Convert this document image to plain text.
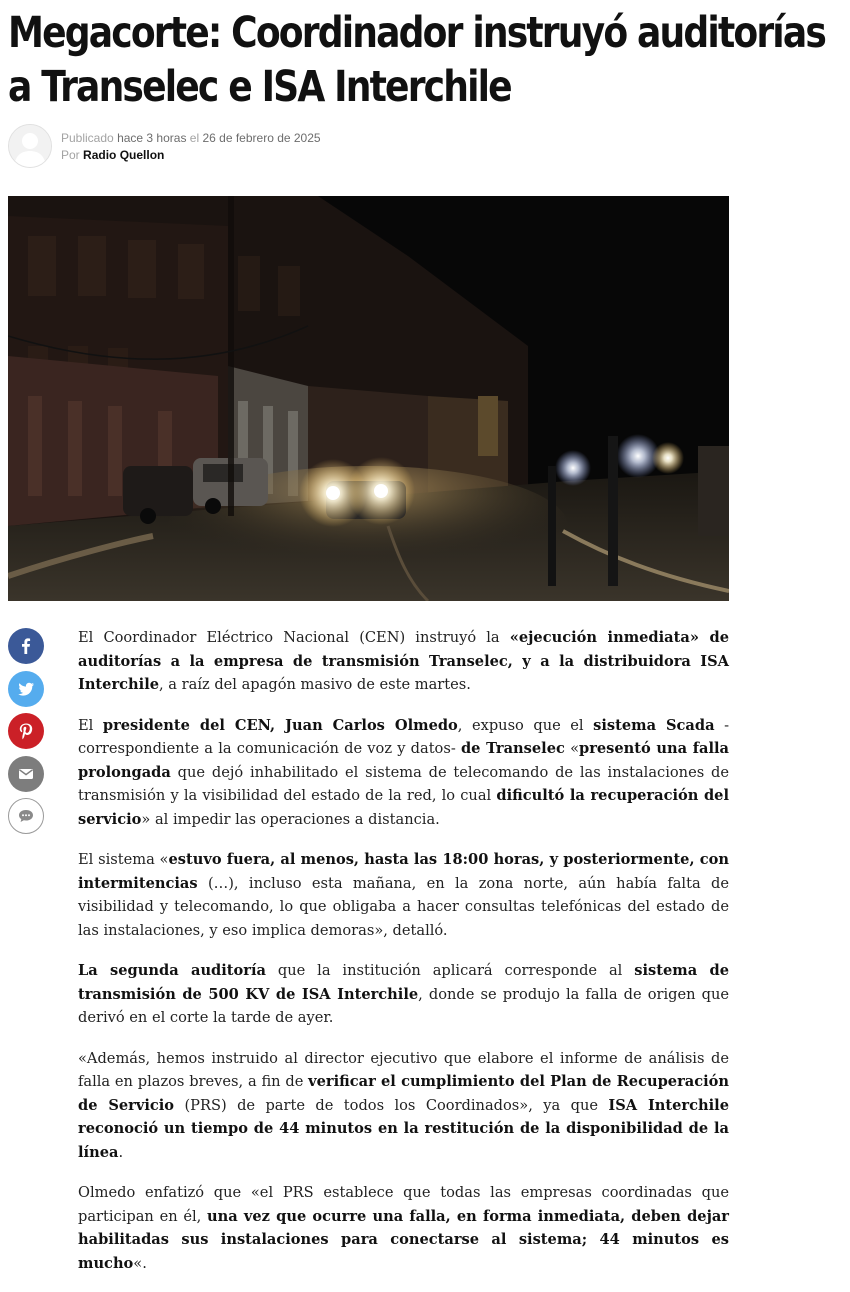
Megacorte: Coordinador instruyó auditorías a Transelec e ISA Interchile
Publicado hace 3 horas el 26 de febrero de 2025
Por Radio Quellon

El Coordinador Eléctrico Nacional (CEN) instruyó la «ejecución inmediata» de auditorías a la empresa de transmisión Transelec, y a la distribuidora ISA Interchile, a raíz del apagón masivo de este martes.

El presidente del CEN, Juan Carlos Olmedo, expuso que el sistema Scada -correspondiente a la comunicación de voz y datos- de Transelec «presentó una falla prolongada que dejó inhabilitado el sistema de telecomando de las instalaciones de transmisión y la visibilidad del estado de la red, lo cual dificultó la recuperación del servicio» al impedir las operaciones a distancia.

El sistema «estuvo fuera, al menos, hasta las 18:00 horas, y posteriormente, con intermitencias (…), incluso esta mañana, en la zona norte, aún había falta de visibilidad y telecomando, lo que obligaba a hacer consultas telefónicas del estado de las instalaciones, y eso implica demoras», detalló.

La segunda auditoría que la institución aplicará corresponde al sistema de transmisión de 500 KV de ISA Interchile, donde se produjo la falla de origen que derivó en el corte la tarde de ayer.

«Además, hemos instruido al director ejecutivo que elabore el informe de análisis de falla en plazos breves, a fin de verificar el cumplimiento del Plan de Recuperación de Servicio (PRS) de parte de todos los Coordinados», ya que ISA Interchile reconoció un tiempo de 44 minutos en la restitución de la disponibilidad de la línea.

Olmedo enfatizó que «el PRS establece que todas las empresas coordinadas que participan en él, una vez que ocurre una falla, en forma inmediata, deben dejar habilitadas sus instalaciones para conectarse al sistema; 44 minutos es mucho«.
